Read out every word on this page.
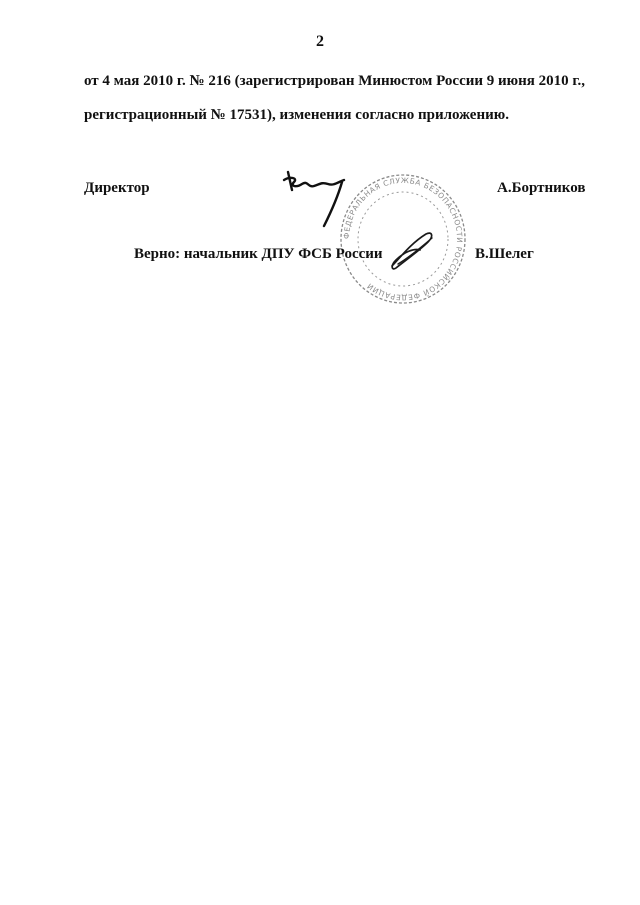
2

от 4 мая 2010 г. № 216 (зарегистрирован Минюстом России 9 июня 2010 г.,
регистрационный № 17531), изменения согласно приложению.

Директор	А.Бортников
ФЕДЕРАЛЬНАЯ СЛУЖБА БЕЗОПАСНОСТИ РОССИЙСКОЙ ФЕДЕРАЦИИ
Верно: начальник ДПУ ФСБ России	В.Шелег
